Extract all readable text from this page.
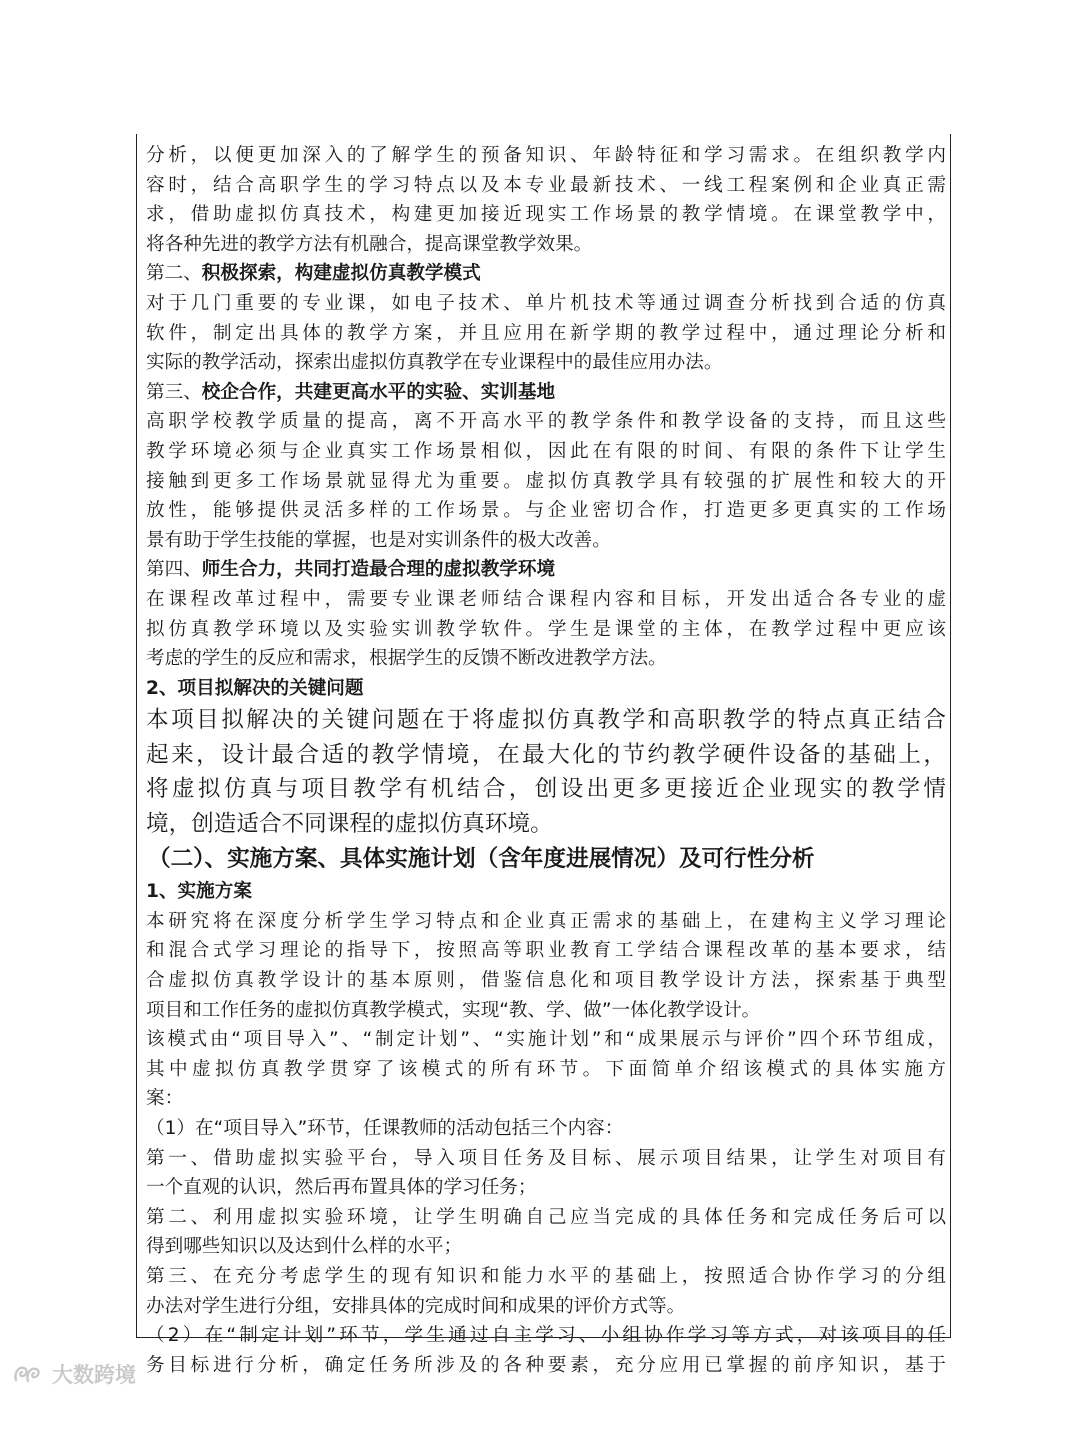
分析，以便更加深入的了解学生的预备知识、年龄特征和学习需求。在组织教学内
容时，结合高职学生的学习特点以及本专业最新技术、一线工程案例和企业真正需
求，借助虚拟仿真技术，构建更加接近现实工作场景的教学情境。在课堂教学中，
将各种先进的教学方法有机融合，提高课堂教学效果。
第二、积极探索，构建虚拟仿真教学模式
对于几门重要的专业课，如电子技术、单片机技术等通过调查分析找到合适的仿真
软件，制定出具体的教学方案，并且应用在新学期的教学过程中，通过理论分析和
实际的教学活动，探索出虚拟仿真教学在专业课程中的最佳应用办法。
第三、校企合作，共建更高水平的实验、实训基地
高职学校教学质量的提高，离不开高水平的教学条件和教学设备的支持，而且这些
教学环境必须与企业真实工作场景相似，因此在有限的时间、有限的条件下让学生
接触到更多工作场景就显得尤为重要。虚拟仿真教学具有较强的扩展性和较大的开
放性，能够提供灵活多样的工作场景。与企业密切合作，打造更多更真实的工作场
景有助于学生技能的掌握，也是对实训条件的极大改善。
第四、师生合力，共同打造最合理的虚拟教学环境
在课程改革过程中，需要专业课老师结合课程内容和目标，开发出适合各专业的虚
拟仿真教学环境以及实验实训教学软件。学生是课堂的主体，在教学过程中更应该
考虑的学生的反应和需求，根据学生的反馈不断改进教学方法。
2、项目拟解决的关键问题
本项目拟解决的关键问题在于将虚拟仿真教学和高职教学的特点真正结合
起来，设计最合适的教学情境，在最大化的节约教学硬件设备的基础上，
将虚拟仿真与项目教学有机结合，创设出更多更接近企业现实的教学情
境，创造适合不同课程的虚拟仿真环境。
（二）、实施方案、具体实施计划（含年度进展情况）及可行性分析
1、实施方案
本研究将在深度分析学生学习特点和企业真正需求的基础上，在建构主义学习理论
和混合式学习理论的指导下，按照高等职业教育工学结合课程改革的基本要求，结
合虚拟仿真教学设计的基本原则，借鉴信息化和项目教学设计方法，探索基于典型
项目和工作任务的虚拟仿真教学模式，实现“教、学、做”一体化教学设计。
该模式由“项目导入”、“制定计划”、“实施计划”和“成果展示与评价”四个环节组成，
其中虚拟仿真教学贯穿了该模式的所有环节。下面简单介绍该模式的具体实施方
案：
（1）在“项目导入”环节，任课教师的活动包括三个内容：
第一、借助虚拟实验平台，导入项目任务及目标、展示项目结果，让学生对项目有
一个直观的认识，然后再布置具体的学习任务；
第二、利用虚拟实验环境，让学生明确自己应当完成的具体任务和完成任务后可以
得到哪些知识以及达到什么样的水平；
第三、在充分考虑学生的现有知识和能力水平的基础上，按照适合协作学习的分组
办法对学生进行分组，安排具体的完成时间和成果的评价方式等。
（2）在“制定计划”环节，学生通过自主学习、小组协作学习等方式，对该项目的任
务目标进行分析，确定任务所涉及的各种要素，充分应用已掌握的前序知识，基于
大数跨境
